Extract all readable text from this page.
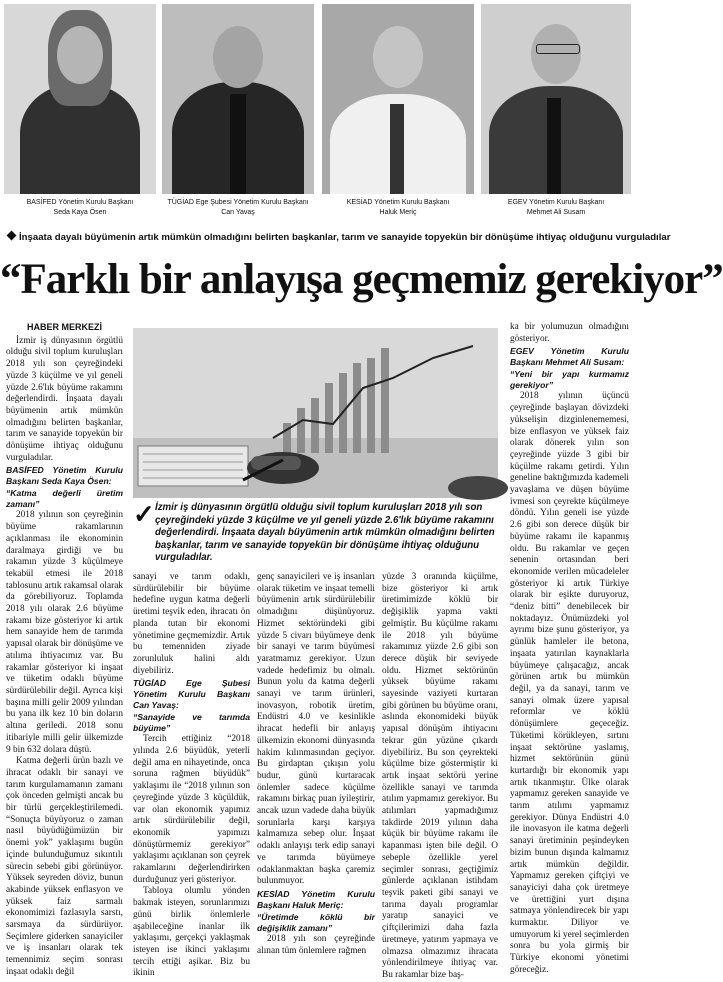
BASİFED Yönetim Kurulu Başkanı
Seda Kaya Ösen
TÜGİAD Ege Şubesi Yönetim Kurulu Başkanı
Can Yavaş
KESİAD Yönetim Kurulu Başkanı
Haluk Meriç
EGEV Yönetim Kurulu Başkanı
Mehmet Ali Susam
İnşaata dayalı büyümenin artık mümkün olmadığını belirten başkanlar, tarım ve sanayide topyekün bir dönüşüme ihtiyaç olduğunu vurguladılar
“Farklı bir anlayışa geçmemiz gerekiyor”

HABER MERKEZİ

İzmir iş dünyasının örgütlü olduğu sivil toplum kuruluşları 2018 yılı son çeyreğindeki yüzde 3 küçülme ve yıl geneli yüzde 2.6'lık büyüme rakamını değerlendirdi. İnşaata dayalı büyümenin artık mümkün olmadığını belirten başkanlar, tarım ve sanayide topyekün bir dönüşüme ihtiyaç olduğunu vurguladılar.

BASİFED Yönetim Kurulu Başkanı Seda Kaya Ösen:

“Katma değerli üretim zamanı”

2018 yılının son çeyreğinin büyüme rakamlarının açıklanması ile ekonominin daralmaya girdiği ve bu rakamın yüzde 3 küçülmeye tekabül etmesi ile 2018 tablosunu artık rakamsal olarak da görebiliyoruz. Toplamda 2018 yılı olarak 2.6 büyüme rakamı bize gösteriyor ki artık hem sanayide hem de tarımda yapısal olarak bir dönüşüme ve atılıma ihtiyacımız var. Bu rakamlar gösteriyor ki inşaat ve tüketim odaklı büyüme sürdürülebilir değil. Ayrıca kişi başına milli gelir 2009 yılından bu yana ilk kez 10 bin doların altına geriledi. 2018 sonu itibariyle milli gelir ülkemizde 9 bin 632 dolara düştü.

Katma değerli ürün bazlı ve ihracat odaklı bir sanayi ve tarım kurgulamamanın zamanı çok önceden gelmişti ancak bu bir türlü gerçekleştirilemedi. “Sonuçta büyüyoruz o zaman nasıl büyüdüğümüzün bir önemi yok” yaklaşımı bugün içinde bulunduğumuz sıkıntılı sürecin sebebi gibi görünüyor. Yüksek seyreden döviz, bunun akabinde yüksek enflasyon ve yüksek faiz sarmalı ekonomimizi fazlasıyla sarstı, sarsmaya da sürdürüyor. Seçimlere giderken sanayiciler ve iş insanları olarak tek temennimiz seçim sonrası inşaat odaklı değil

✓ İzmir iş dünyasının örgütlü olduğu sivil toplum kuruluşları 2018 yılı son çeyreğindeki yüzde 3 küçülme ve yıl geneli yüzde 2.6'lık büyüme rakamını değerlendirdi. İnşaata dayalı büyümenin artık mümkün olmadığını belirten başkanlar, tarım ve sanayide topyekün bir dönüşüme ihtiyaç olduğunu vurguladılar.

sanayi ve tarım odaklı, sürdürülebilir bir büyüme hedefine uygun katma değerli üretimi teşvik eden, ihracatı ön planda tutan bir ekonomi yönetimine geçmemizdir. Artık bu temenniden ziyade zorunluluk halini aldı diyebiliriz.

TÜGİAD Ege Şubesi Yönetim Kurulu Başkanı Can Yavaş:

“Sanayide ve tarımda büyüme”

Tercih ettiğiniz “2018 yılında 2.6 büyüdük, yeterli değil ama en nihayetinde, onca soruna rağmen büyüdük” yaklaşımı ile “2018 yılının son çeyreğinde yüzde 3 küçüldük, var olan ekonomik yapımız artık sürdürülebilir değil, ekonomik yapımızı dönüştürmemiz gerekiyor” yaklaşımı açıklanan son çeyrek rakamlarını değerlendirirken durduğunuz yeri gösteriyor.

Tabloya olumlu yönden bakmak isteyen, sorunlarımızı günü birlik önlemlerle aşabileceğine inanlar ilk yaklaşımı, gerçekçi yaklaşmak isteyen ise ikinci yaklaşımı tercih ettiği aşikar. Biz bu ikinin

genç sanayicileri ve iş insanları olarak tüketim ve inşaat temelli büyümenin artık sürdürülebilir olmadığını düşünüyoruz. Hizmet sektöründeki gibi yüzde 5 civarı büyümeye denk bir sanayi ve tarım büyümesi yaratmamız gerekiyor. Uzun vadede hedefimiz bu olmalı. Bunun yolu da katma değerli sanayi ve tarım ürünleri, inovasyon, robotik üretim, Endüstri 4.0 ve kesinlikle ihracat hedefli bir anlayış ülkemizin ekonomi dünyasında hakim kılınmasından geçiyor. Bu girdaptan çıkışın yolu budur, günü kurtaracak önlemler sadece küçülme rakamını birkaç puan iyileştirir, ancak uzun vadede daha büyük sorunlarla karşı karşıya kalmamıza sebep olur. İnşaat odaklı anlayışı terk edip sanayi ve tarımda büyümeye odaklanmaktan başka çaremiz bulunmuyor.

KESİAD Yönetim Kurulu Başkanı Haluk Meriç:

“Üretimde köklü bir değişiklik zamanı”

2018 yılı son çeyreğinde alınan tüm önlemlere rağmen

yüzde 3 oranında küçülme, bize gösteriyor ki artık üretimimizde köklü bir değişiklik yapma vakti gelmiştir. Bu küçülme rakamı ile 2018 yılı büyüme rakamımız yüzde 2.6 gibi son derece düşük bir seviyede oldu. Hizmet sektörünün yüksek büyüme rakamı sayesinde vaziyeti kurtaran gibi görünen bu büyüme oranı, aslında ekonomideki büyük yapısal dönüşüm ihtiyacını tekrar gün yüzüne çıkardı diyebiliriz. Bu son çeyrekteki küçülme bize göstermiştir ki artık inşaat sektörü yerine özellikle sanayi ve tarımda atılım yapmamız gerekiyor. Bu atılımları yapmadığımız takdirde 2019 yılının daha küçük bir büyüme rakamı ile kapanması işten bile değil. O sebeple özellikle yerel seçimler sonrası, geçtiğimiz günlerde açıklanan istihdam teşvik paketi gibi sanayi ve tarıma dayalı programlar yaratıp sanayici ve çiftçilerimizi daha fazla üretmeye, yatırım yapmaya ve olmazsa olmazımız ihracata yönlendirilmeye ihtiyaç var. Bu rakamlar bize baş-

ka bir yolumuzun olmadığını gösteriyor.

EGEV Yönetim Kurulu Başkanı Mehmet Ali Susam:

“Yeni bir yapı kurmamız gerekiyor”

2018 yılının üçüncü çeyreğinde başlayan dövizdeki yükselişin dizginlenememesi, bize enflasyon ve yüksek faiz olarak dönerek yılın son çeyreğinde yüzde 3 gibi bir küçülme rakamı getirdi. Yılın geneline baktığımızda kademeli yavaşlama ve düşen büyüme ivmesi son çeyrekte küçülmeye döndü. Yılın geneli ise yüzde 2.6 gibi son derece düşük bir büyüme rakamı ile kapanmış oldu. Bu rakamlar ve geçen senenin ortasından beri ekonomide verilen mücadeleler gösteriyor ki artık Türkiye olarak bir eşikte duruyoruz, “deniz bitti” denebilecek bir noktadayız. Önümüzdeki yol ayrımı bize şunu gösteriyor, ya günlük hamleler ile betona, inşaata yatırılan kaynaklarla büyümeye çalışacağız, ancak görünen artık bu mümkün değil, ya da sanayi, tarım ve sanayi olmak üzere yapısal reformlar ve köklü dönüşümlere geçeceğiz. Tüketimi körükleyen, sırtını inşaat sektörüne yaslamış, hizmet sektörünün günü kurtardığı bir ekonomik yapı artık tıkanmıştır. Ülke olarak yapmamız gereken sanayide ve tarım atılımı yapmamız gerekiyor. Dünya Endüstri 4.0 ile inovasyon ile katma değerli sanayi üretiminin peşindeyken bizim bunun dışında kalmamız artık mümkün değildir. Yapmamız gereken çiftçiyi ve sanayiciyi daha çok üretmeye ve ürettiğini yurt dışına satmaya yönlendirecek bir yapı kurmaktır. Diliyor ve umuyorum ki yerel seçimlerden sonra bu yola girmiş bir Türkiye ekonomi yönetimi göreceğiz.
